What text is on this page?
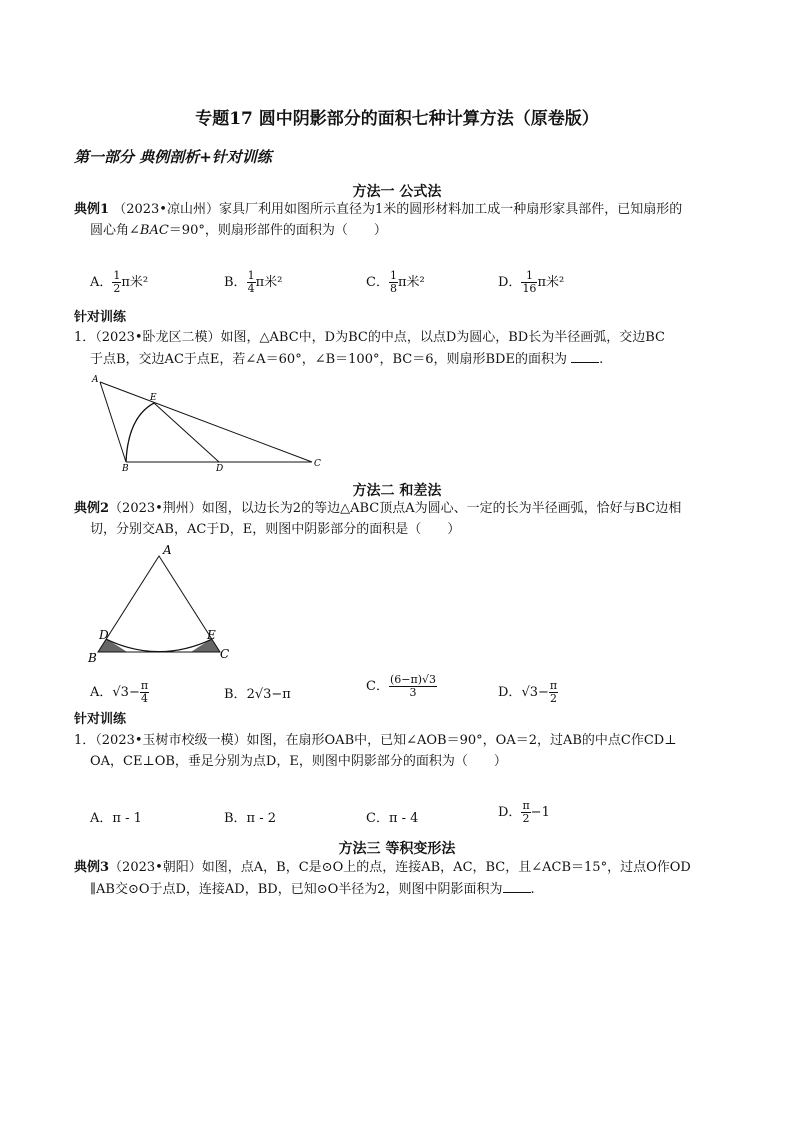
专题17 圆中阴影部分的面积七种计算方法（原卷版）
第一部分 典例剖析+针对训练
方法一 公式法
典例1 （2023•凉山州）家具厂利用如图所示直径为1米的圆形材料加工成一种扇形家具部件，已知扇形的
圆心角∠BAC＝90°，则扇形部件的面积为（　　）
A． $\frac{1}{2}$ π米²	B． $\frac{1}{4}$ π米²	C． $\frac{1}{8}$ π米²	D． $\frac{1}{16}$ π米²
针对训练
1．（2023•卧龙区二模）如图，△ABC中，D为BC的中点，以点D为圆心，BD长为半径画弧，交边BC
于点B，交边AC于点E，若∠A＝60°，∠B＝100°，BC＝6，则扇形BDE的面积为 .
A
E
B	D	C
方法二 和差法
典例2（2023•荆州）如图，以边长为2的等边△ABC顶点A为圆心、一定的长为半径画弧，恰好与BC边相
切，分别交AB，AC于D，E，则图中阴影部分的面积是（　　）
A
B	C
D	E
A．$√3- \frac{\pi}{4}$	B．2√3−π
C． $\frac{(6-\pi)√3}{3}$	D．$√3- \frac{\pi}{2}$
针对训练
1．（2023•玉树市校级一模）如图，在扇形OAB中，已知∠AOB＝90°，OA＝2，过AB的中点C作CD⊥
OA，CE⊥OB，垂足分别为点D，E，则图中阴影部分的面积为（　　）
A．π - 1	B．π - 2	C．π - 4	D． $\frac{\pi}{2} -1$
方法三 等积变形法
典例3（2023•朝阳）如图，点A，B，C是⊙O上的点，连接AB，AC，BC，且∠ACB＝15°，过点O作OD
∥AB交⊙O于点D，连接AD，BD，已知⊙O半径为2，则图中阴影面积为 .
